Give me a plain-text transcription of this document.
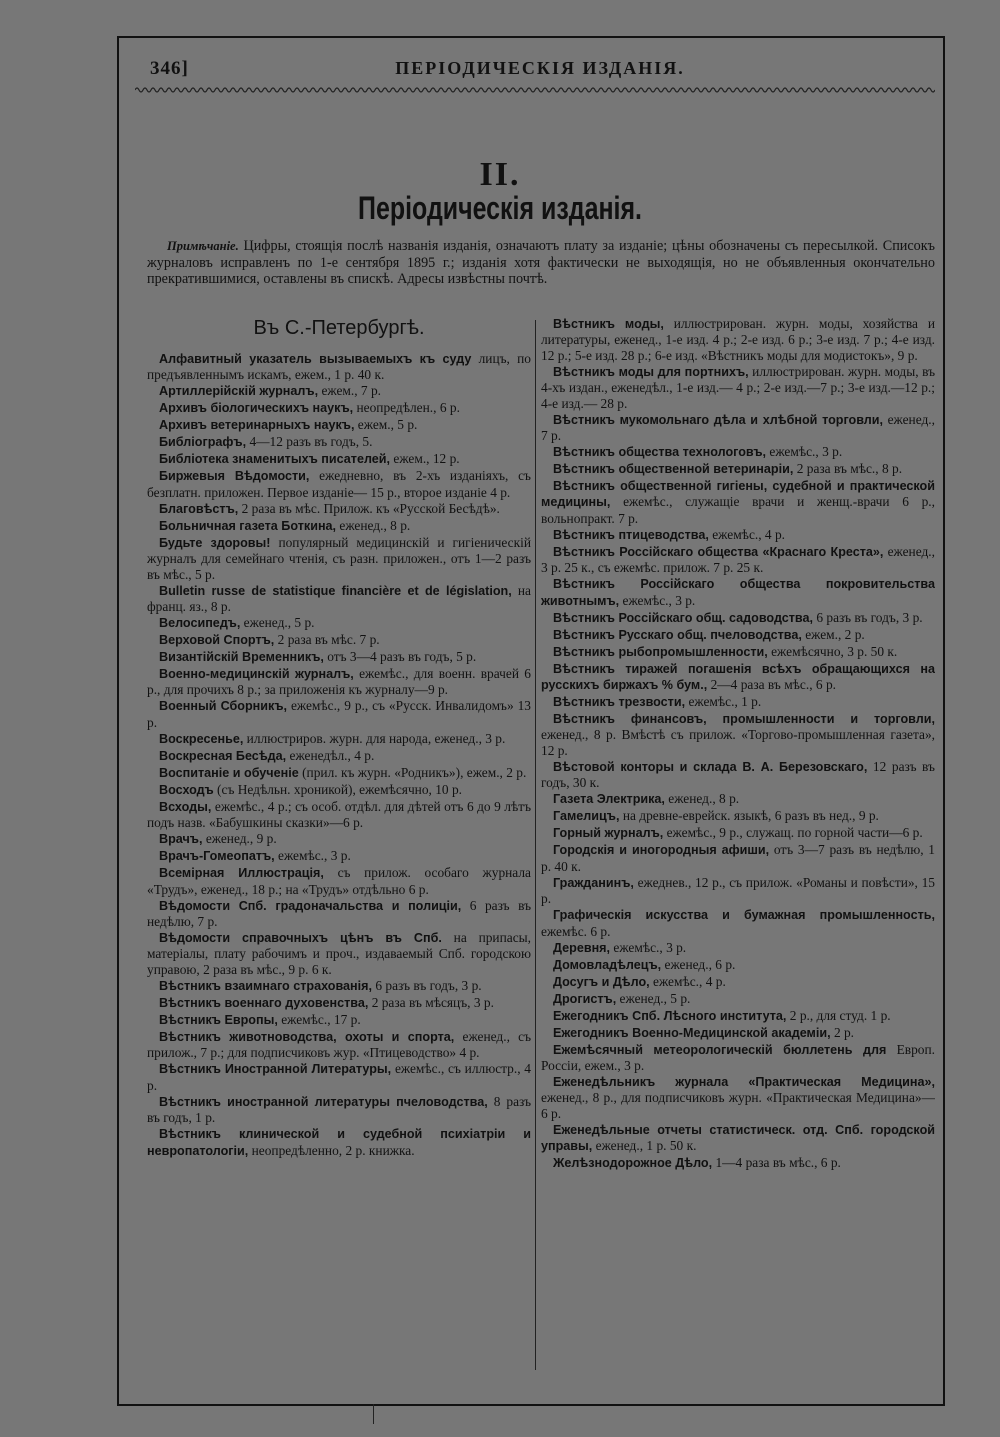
346]	ПЕРІОДИЧЕСКІЯ ИЗДАНІЯ.
II.
Періодическія изданія.
Примѣчаніе. Цифры, стоящія послѣ названія изданія, означаютъ плату за изданіе; цѣны обозначены съ пересылкой. Списокъ журналовъ исправленъ по 1-е сентября 1895 г.; изданія хотя фактически не выходящія, но не объявленныя окончательно прекратившимися, оставлены въ спискѣ. Адресы извѣстны почтѣ.
Въ С.-Петербургѣ.

Алфавитный указатель вызываемыхъ къ суду лицъ, по предъявленнымъ искамъ, ежем., 1 р. 40 к.

Артиллерійскій журналъ, ежем., 7 р.

Архивъ біологическихъ наукъ, неопредѣлен., 6 р.

Архивъ ветеринарныхъ наукъ, ежем., 5 р.

Библіографъ, 4—12 разъ въ годъ, 5.

Библіотека знаменитыхъ писателей, ежем., 12 р.

Биржевыя Вѣдомости, ежедневно, въ 2-хъ изданіяхъ, съ безплатн. приложен. Первое изданіе— 15 р., второе изданіе 4 р.

Благовѣстъ, 2 раза въ мѣс. Прилож. къ «Русской Бесѣдѣ».

Больничная газета Боткина, еженед., 8 р.

Будьте здоровы! популярный медицинскій и гигіеническій журналъ для семейнаго чтенія, съ разн. приложен., отъ 1—2 разъ въ мѣс., 5 р.

Bulletin russe de statistique financière et de législation, на франц. яз., 8 р.

Велосипедъ, еженед., 5 р.

Верховой Спортъ, 2 раза въ мѣс. 7 р.

Византійскій Временникъ, отъ 3—4 разъ въ годъ, 5 р.

Военно-медицинскій журналъ, ежемѣс., для военн. врачей 6 р., для прочихъ 8 р.; за приложенія къ журналу—9 р.

Военный Сборникъ, ежемѣс., 9 р., съ «Русск. Инвалидомъ» 13 р.

Воскресенье, иллюстриров. журн. для народа, еженед., 3 р.

Воскресная Бесѣда, еженедѣл., 4 р.

Воспитаніе и обученіе (прил. къ журн. «Родникъ»), ежем., 2 р.

Восходъ (съ Недѣльн. хроникой), ежемѣсячно, 10 р.

Всходы, ежемѣс., 4 р.; съ особ. отдѣл. для дѣтей отъ 6 до 9 лѣтъ подъ назв. «Бабушкины сказки»—6 р.

Врачъ, еженед., 9 р.

Врачъ-Гомеопатъ, ежемѣс., 3 р.

Всемірная Иллюстрація, съ прилож. особаго журнала «Трудъ», еженед., 18 р.; на «Трудъ» отдѣльно 6 р.

Вѣдомости Спб. градоначальства и полиціи, 6 разъ въ недѣлю, 7 р.

Вѣдомости справочныхъ цѣнъ въ Спб. на припасы, матеріалы, плату рабочимъ и проч., издаваемый Спб. городскою управою, 2 раза въ мѣс., 9 р. 6 к.

Вѣстникъ взаимнаго страхованія, 6 разъ въ годъ, 3 р.

Вѣстникъ военнаго духовенства, 2 раза въ мѣсяцъ, 3 р.

Вѣстникъ Европы, ежемѣс., 17 р.

Вѣстникъ животноводства, охоты и спорта, еженед., съ прилож., 7 р.; для подписчиковъ жур. «Птицеводство» 4 р.

Вѣстникъ Иностранной Литературы, ежемѣс., съ иллюстр., 4 р.

Вѣстникъ иностранной литературы пчеловодства, 8 разъ въ годъ, 1 р.

Вѣстникъ клинической и судебной психіатріи и невропатологіи, неопредѣленно, 2 р. книжка.

Вѣстникъ моды, иллюстрирован. журн. моды, хозяйства и литературы, еженед., 1-е изд. 4 р.; 2-е изд. 6 р.; 3-е изд. 7 р.; 4-е изд. 12 р.; 5-е изд. 28 р.; 6-е изд. «Вѣстникъ моды для модистокъ», 9 р.

Вѣстникъ моды для портнихъ, иллюстрирован. журн. моды, въ 4-хъ издан., еженедѣл., 1-е изд.— 4 р.; 2-е изд.—7 р.; 3-е изд.—12 р.; 4-е изд.— 28 р.

Вѣстникъ мукомольнаго дѣла и хлѣбной торговли, еженед., 7 р.

Вѣстникъ общества технологовъ, ежемѣс., 3 р.

Вѣстникъ общественной ветеринаріи, 2 раза въ мѣс., 8 р.

Вѣстникъ общественной гигіены, судебной и практической медицины, ежемѣс., служащіе врачи и женщ.-врачи 6 р., вольнопракт. 7 р.

Вѣстникъ птицеводства, ежемѣс., 4 р.

Вѣстникъ Россійскаго общества «Краснаго Креста», еженед., 3 р. 25 к., съ ежемѣс. прилож. 7 р. 25 к.

Вѣстникъ Россійскаго общества покровительства животнымъ, ежемѣс., 3 р.

Вѣстникъ Россійскаго общ. садоводства, 6 разъ въ годъ, 3 р.

Вѣстникъ Русскаго общ. пчеловодства, ежем., 2 р.

Вѣстникъ рыбопромышленности, ежемѣсячно, 3 р. 50 к.

Вѣстникъ тиражей погашенія всѣхъ обращающихся на русскихъ биржахъ % бум., 2—4 раза въ мѣс., 6 р.

Вѣстникъ трезвости, ежемѣс., 1 р.

Вѣстникъ финансовъ, промышленности и торговли, еженед., 8 р. Вмѣстѣ съ прилож. «Торгово-промышленная газета», 12 р.

Вѣстовой конторы и склада В. А. Березовскаго, 12 разъ въ годъ, 30 к.

Газета Электрика, еженед., 8 р.

Гамелицъ, на древне-еврейск. языкѣ, 6 разъ въ нед., 9 р.

Горный журналъ, ежемѣс., 9 р., служащ. по горной части—6 р.

Городскія и иногородныя афиши, отъ 3—7 разъ въ недѣлю, 1 р. 40 к.

Гражданинъ, ежеднев., 12 р., съ прилож. «Романы и повѣсти», 15 р.

Графическія искусства и бумажная промышленность, ежемѣс. 6 р.

Деревня, ежемѣс., 3 р.

Домовладѣлецъ, еженед., 6 р.

Досугъ и Дѣло, ежемѣс., 4 р.

Дрогистъ, еженед., 5 р.

Ежегодникъ Спб. Лѣсного института, 2 р., для студ. 1 р.

Ежегодникъ Военно-Медицинской академіи, 2 р.

Ежемѣсячный метеорологическій бюллетень для Европ. Россіи, ежем., 3 р.

Еженедѣльникъ журнала «Практическая Медицина», еженед., 8 р., для подписчиковъ журн. «Практическая Медицина»—6 р.

Еженедѣльные отчеты статистическ. отд. Спб. городской управы, еженед., 1 р. 50 к.

Желѣзнодорожное Дѣло, 1—4 раза въ мѣс., 6 р.
